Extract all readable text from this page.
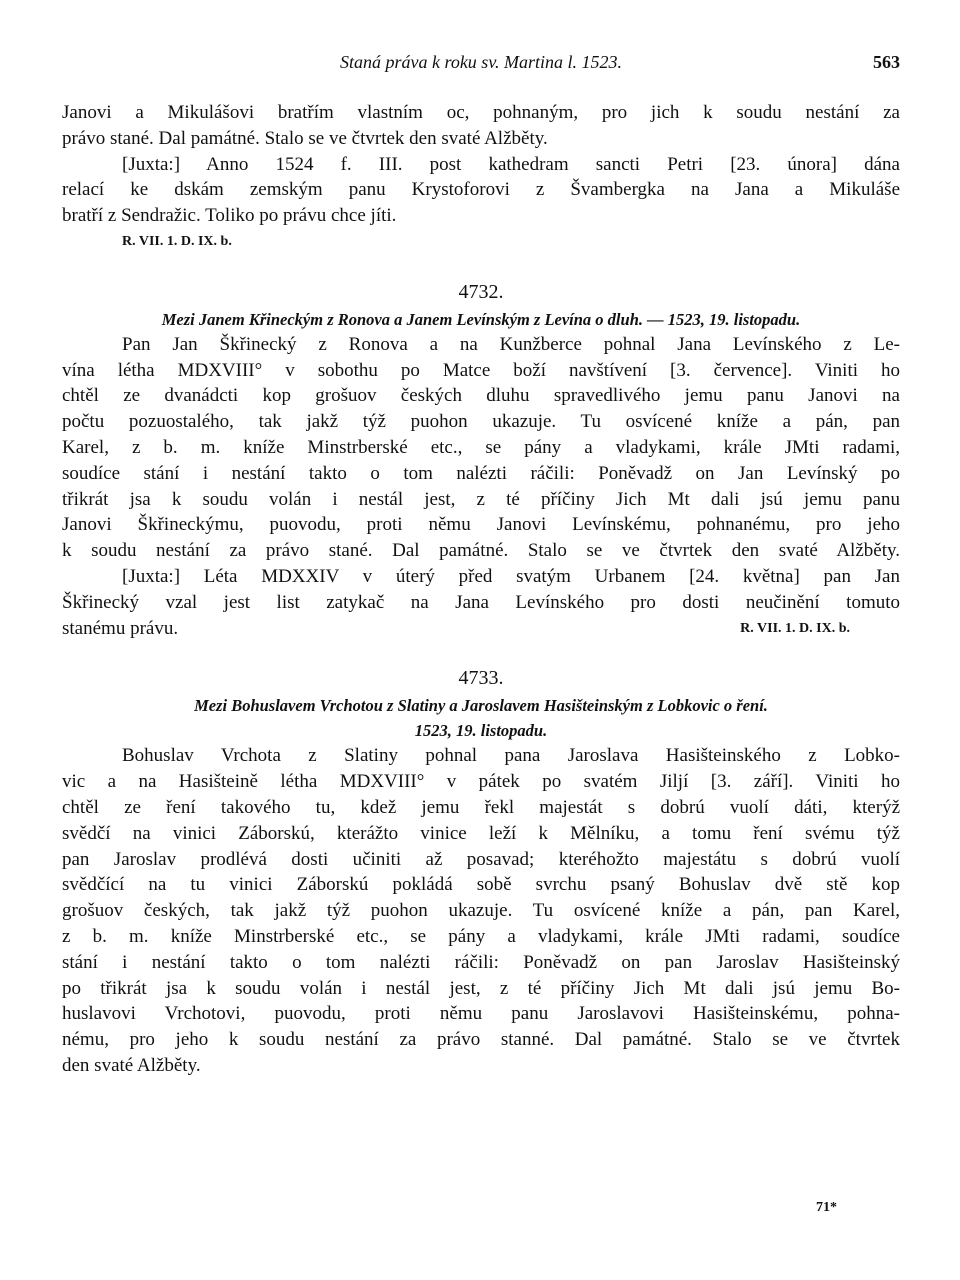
Staná práva k roku sv. Martina l. 1523.	563
Janovi a Mikulášovi bratřím vlastním oc, pohnaným, pro jich k soudu nestání za
právo stané. Dal památné. Stalo se ve čtvrtek den svaté Alžběty.
[Juxta:] Anno 1524 f. III. post kathedram sancti Petri [23. února] dána
relací ke dskám zemským panu Krystoforovi z Švambergka na Jana a Mikuláše
bratří z Sendražic. Toliko po právu chce jíti.
R. VII. 1. D. IX. b.
4732.
Mezi Janem Křineckým z Ronova a Janem Levínským z Levína o dluh. — 1523, 19. listopadu.
Pan Jan Škřinecký z Ronova a na Kunžberce pohnal Jana Levínského z Le-
vína létha MDXVIII° v sobothu po Matce boží navštívení [3. července]. Viniti ho
chtěl ze dvanádcti kop grošuov českých dluhu spravedlivého jemu panu Janovi na
počtu pozuostalého, tak jakž týž puohon ukazuje. Tu osvícené kníže a pán, pan
Karel, z b. m. kníže Minstrberské etc., se pány a vladykami, krále JMti radami,
soudíce stání i nestání takto o tom nalézti ráčili: Poněvadž on Jan Levínský po
třikrát jsa k soudu volán i nestál jest, z té příčiny Jich Mt dali jsú jemu panu
Janovi Škřineckýmu, puovodu, proti němu Janovi Levínskému, pohnanému, pro jeho
k soudu nestání za právo stané. Dal památné. Stalo se ve čtvrtek den svaté Alžběty.
[Juxta:] Léta MDXXIV v úterý před svatým Urbanem [24. května] pan Jan
Škřinecký vzal jest list zatykač na Jana Levínského pro dosti neučinění tomuto
stanému právu.	R. VII. 1. D. IX. b.
4733.
Mezi Bohuslavem Vrchotou z Slatiny a Jaroslavem Hasišteinským z Lobkovic o ření.
1523, 19. listopadu.
Bohuslav Vrchota z Slatiny pohnal pana Jaroslava Hasišteinského z Lobko-
vic a na Hasišteině létha MDXVIII° v pátek po svatém Jiljí [3. září]. Viniti ho
chtěl ze ření takového tu, kdež jemu řekl majestát s dobrú vuolí dáti, kterýž
svědčí na vinici Záborskú, kterážto vinice leží k Mělníku, a tomu ření svému týž
pan Jaroslav prodlévá dosti učiniti až posavad; kteréhožto majestátu s dobrú vuolí
svědčící na tu vinici Záborskú pokládá sobě svrchu psaný Bohuslav dvě stě kop
grošuov českých, tak jakž týž puohon ukazuje. Tu osvícené kníže a pán, pan Karel,
z b. m. kníže Minstrberské etc., se pány a vladykami, krále JMti radami, soudíce
stání i nestání takto o tom nalézti ráčili: Poněvadž on pan Jaroslav Hasišteinský
po třikrát jsa k soudu volán i nestál jest, z té příčiny Jich Mt dali jsú jemu Bo-
huslavovi Vrchotovi, puovodu, proti němu panu Jaroslavovi Hasišteinskému, pohna-
nému, pro jeho k soudu nestání za právo stanné. Dal památné. Stalo se ve čtvrtek
den svaté Alžběty.
71*
